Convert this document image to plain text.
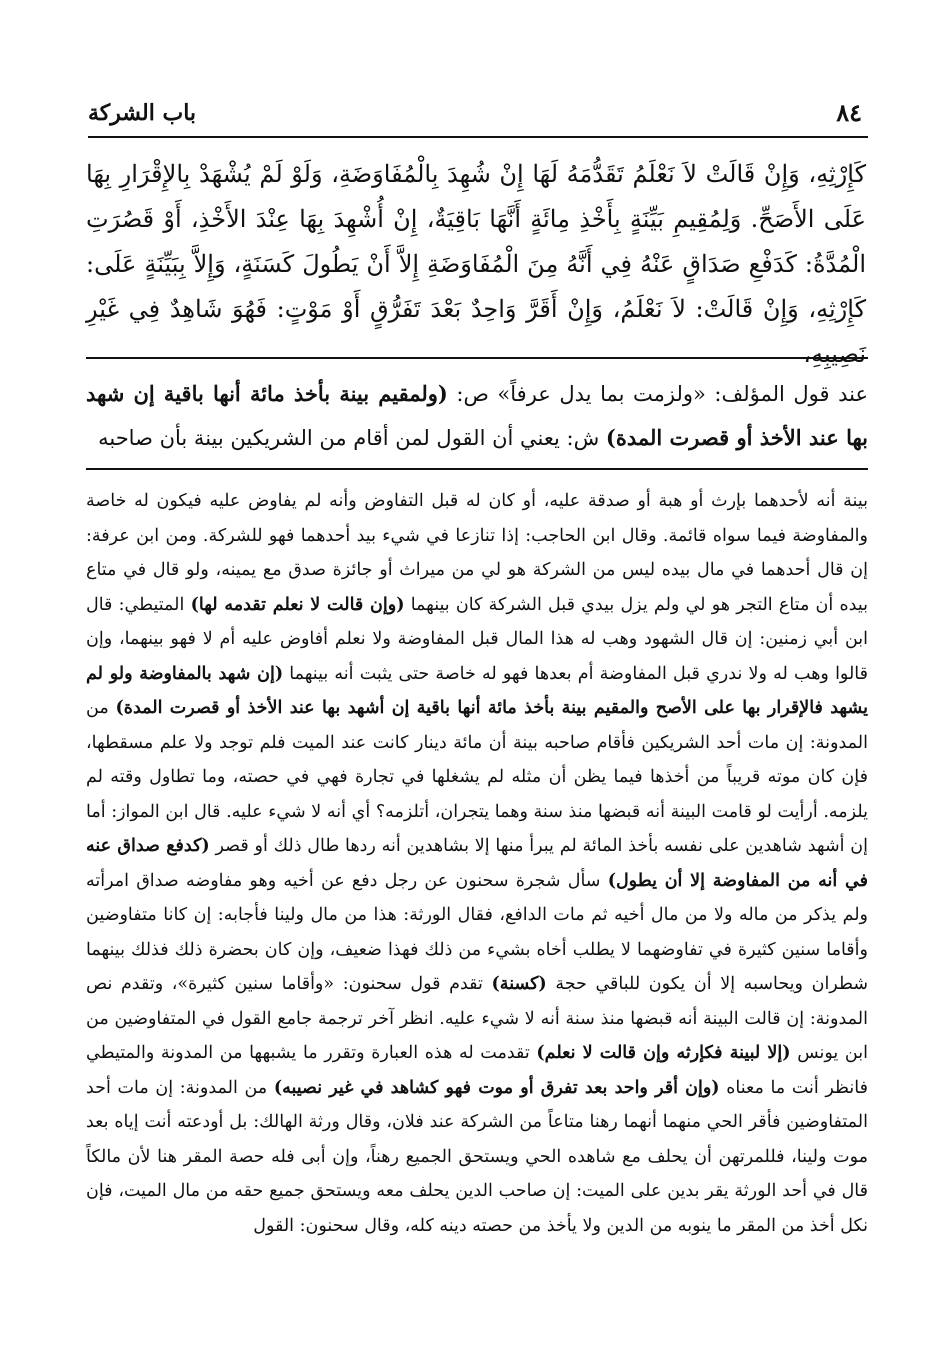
باب الشركة	٨٤

كَإِرْثِهِ، وَإِنْ قَالَتْ لاَ نَعْلَمُ تَقَدُّمَهُ لَهَا إِنْ شُهِدَ بِالْمُفَاوَضَةِ، وَلَوْ لَمْ يُشْهَدْ بِالإِقْرَارِ بِهَا عَلَى الأَصَحِّ. وَلِمُقِيمِ بَيِّنَةٍ بِأَخْذِ مِائَةٍ أَنَّهَا بَاقِيَةٌ، إِنْ أُشْهِدَ بِهَا عِنْدَ الأَخْذِ، أَوْ قَصُرَتِ الْمُدَّةُ: كَدَفْعِ صَدَاقٍ عَنْهُ فِي أَنَّهُ مِنَ الْمُفَاوَضَةِ إِلاَّ أَنْ يَطُولَ كَسَنَةٍ، وَإِلاَّ بِبَيِّنَةٍ عَلَى: كَإِرْثِهِ، وَإِنْ قَالَتْ: لاَ نَعْلَمُ، وَإِنْ أَقَرَّ وَاحِدٌ بَعْدَ تَفَرُّقٍ أَوْ مَوْتٍ: فَهُوَ شَاهِدٌ فِي غَيْرِ نَصِيبِهِ،

عند قول المؤلف: «ولزمت بما يدل عرفاً» ص: (ولمقيم بينة بأخذ مائة أنها باقية إن شهد بها عند الأخذ أو قصرت المدة) ش: يعني أن القول لمن أقام من الشريكين بينة بأن صاحبه

بينة أنه لأحدهما بإرث أو هبة أو صدقة عليه، أو كان له قبل التفاوض وأنه لم يفاوض عليه فيكون له خاصة والمفاوضة فيما سواه قائمة. وقال ابن الحاجب: إذا تنازعا في شيء بيد أحدهما فهو للشركة. ومن ابن عرفة: إن قال أحدهما في مال بيده ليس من الشركة هو لي من ميراث أو جائزة صدق مع يمينه، ولو قال في متاع بيده أن متاع التجر هو لي ولم يزل بيدي قبل الشركة كان بينهما (وإن قالت لا نعلم تقدمه لها) المتيطي: قال ابن أبي زمنين: إن قال الشهود وهب له هذا المال قبل المفاوضة ولا نعلم أفاوض عليه أم لا فهو بينهما، وإن قالوا وهب له ولا ندري قبل المفاوضة أم بعدها فهو له خاصة حتى يثبت أنه بينهما (إن شهد بالمفاوضة ولو لم يشهد فالإقرار بها على الأصح والمقيم بينة بأخذ مائة أنها باقية إن أشهد بها عند الأخذ أو قصرت المدة) من المدونة: إن مات أحد الشريكين فأقام صاحبه بينة أن مائة دينار كانت عند الميت فلم توجد ولا علم مسقطها، فإن كان موته قريباً من أخذها فيما يظن أن مثله لم يشغلها في تجارة فهي في حصته، وما تطاول وقته لم يلزمه. أرأيت لو قامت البينة أنه قبضها منذ سنة وهما يتجران، أتلزمه؟ أي أنه لا شيء عليه. قال ابن المواز: أما إن أشهد شاهدين على نفسه بأخذ المائة لم يبرأ منها إلا بشاهدين أنه ردها طال ذلك أو قصر (كدفع صداق عنه في أنه من المفاوضة إلا أن يطول) سأل شجرة سحنون عن رجل دفع عن أخيه وهو مفاوضه صداق امرأته ولم يذكر من ماله ولا من مال أخيه ثم مات الدافع، فقال الورثة: هذا من مال ولينا فأجابه: إن كانا متفاوضين وأقاما سنين كثيرة في تفاوضهما لا يطلب أخاه بشيء من ذلك فهذا ضعيف، وإن كان بحضرة ذلك فذلك بينهما شطران ويحاسبه إلا أن يكون للباقي حجة (كسنة) تقدم قول سحنون: «وأقاما سنين كثيرة»، وتقدم نص المدونة: إن قالت البينة أنه قبضها منذ سنة أنه لا شيء عليه. انظر آخر ترجمة جامع القول في المتفاوضين من ابن يونس (إلا لبينة فكإرثه وإن قالت لا نعلم) تقدمت له هذه العبارة وتقرر ما يشبهها من المدونة والمتيطي فانظر أنت ما معناه (وإن أقر واحد بعد تفرق أو موت فهو كشاهد في غير نصيبه) من المدونة: إن مات أحد المتفاوضين فأقر الحي منهما أنهما رهنا متاعاً من الشركة عند فلان، وقال ورثة الهالك: بل أودعته أنت إياه بعد موت ولينا، فللمرتهن أن يحلف مع شاهده الحي ويستحق الجميع رهناً، وإن أبى فله حصة المقر هنا لأن مالكاً قال في أحد الورثة يقر بدين على الميت: إن صاحب الدين يحلف معه ويستحق جميع حقه من مال الميت، فإن نكل أخذ من المقر ما ينوبه من الدين ولا يأخذ من حصته دينه كله، وقال سحنون: القول
